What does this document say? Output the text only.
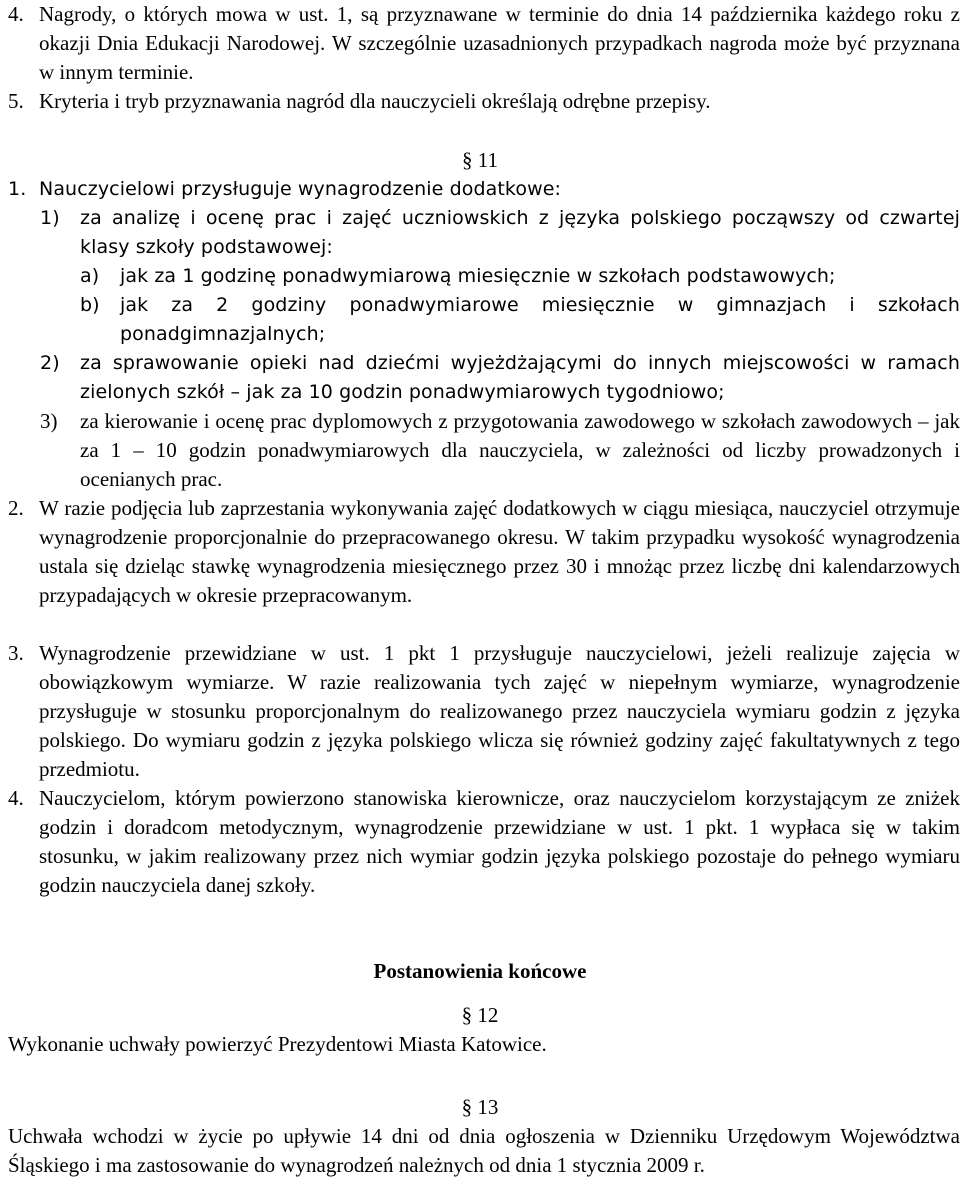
4. Nagrody, o których mowa w ust. 1, są przyznawane w terminie do dnia 14 października każdego roku z okazji Dnia Edukacji Narodowej. W szczególnie uzasadnionych przypadkach nagroda może być przyznana w innym terminie.
5. Kryteria i tryb przyznawania nagród dla nauczycieli określają odrębne przepisy.
§ 11
1. Nauczycielowi przysługuje wynagrodzenie dodatkowe:
1) za analizę i ocenę prac i zajęć uczniowskich z języka polskiego począwszy od czwartej klasy szkoły podstawowej:
a) jak za 1 godzinę ponadwymiarową miesięcznie w szkołach podstawowych;
b) jak za 2 godziny ponadwymiarowe miesięcznie w gimnazjach i szkołach ponadgimnazjalnych;
2) za sprawowanie opieki nad dziećmi wyjeżdżającymi do innych miejscowości w ramach zielonych szkół – jak za 10 godzin ponadwymiarowych tygodniowo;
3) za kierowanie i ocenę prac dyplomowych z przygotowania zawodowego w szkołach zawodowych – jak za 1 – 10 godzin ponadwymiarowych dla nauczyciela, w zależności od liczby prowadzonych i ocenianych prac.
2. W razie podjęcia lub zaprzestania wykonywania zajęć dodatkowych w ciągu miesiąca, nauczyciel otrzymuje wynagrodzenie proporcjonalnie do przepracowanego okresu. W takim przypadku wysokość wynagrodzenia ustala się dzieląc stawkę wynagrodzenia miesięcznego przez 30 i mnożąc przez liczbę dni kalendarzowych przypadających w okresie przepracowanym.
3. Wynagrodzenie przewidziane w ust. 1 pkt 1 przysługuje nauczycielowi, jeżeli realizuje zajęcia w obowiązkowym wymiarze. W razie realizowania tych zajęć w niepełnym wymiarze, wynagrodzenie przysługuje w stosunku proporcjonalnym do realizowanego przez nauczyciela wymiaru godzin z języka polskiego. Do wymiaru godzin z języka polskiego wlicza się również godziny zajęć fakultatywnych z tego przedmiotu.
4. Nauczycielom, którym powierzono stanowiska kierownicze, oraz nauczycielom korzystającym ze zniżek godzin i doradcom metodycznym, wynagrodzenie przewidziane w ust. 1 pkt. 1 wypłaca się w takim stosunku, w jakim realizowany przez nich wymiar godzin języka polskiego pozostaje do pełnego wymiaru godzin nauczyciela danej szkoły.
Postanowienia końcowe
§ 12
Wykonanie uchwały powierzyć Prezydentowi Miasta Katowice.
§ 13
Uchwała wchodzi w życie po upływie 14 dni od dnia ogłoszenia w Dzienniku Urzędowym Województwa Śląskiego i ma zastosowanie do wynagrodzeń należnych od dnia 1 stycznia 2009 r.
